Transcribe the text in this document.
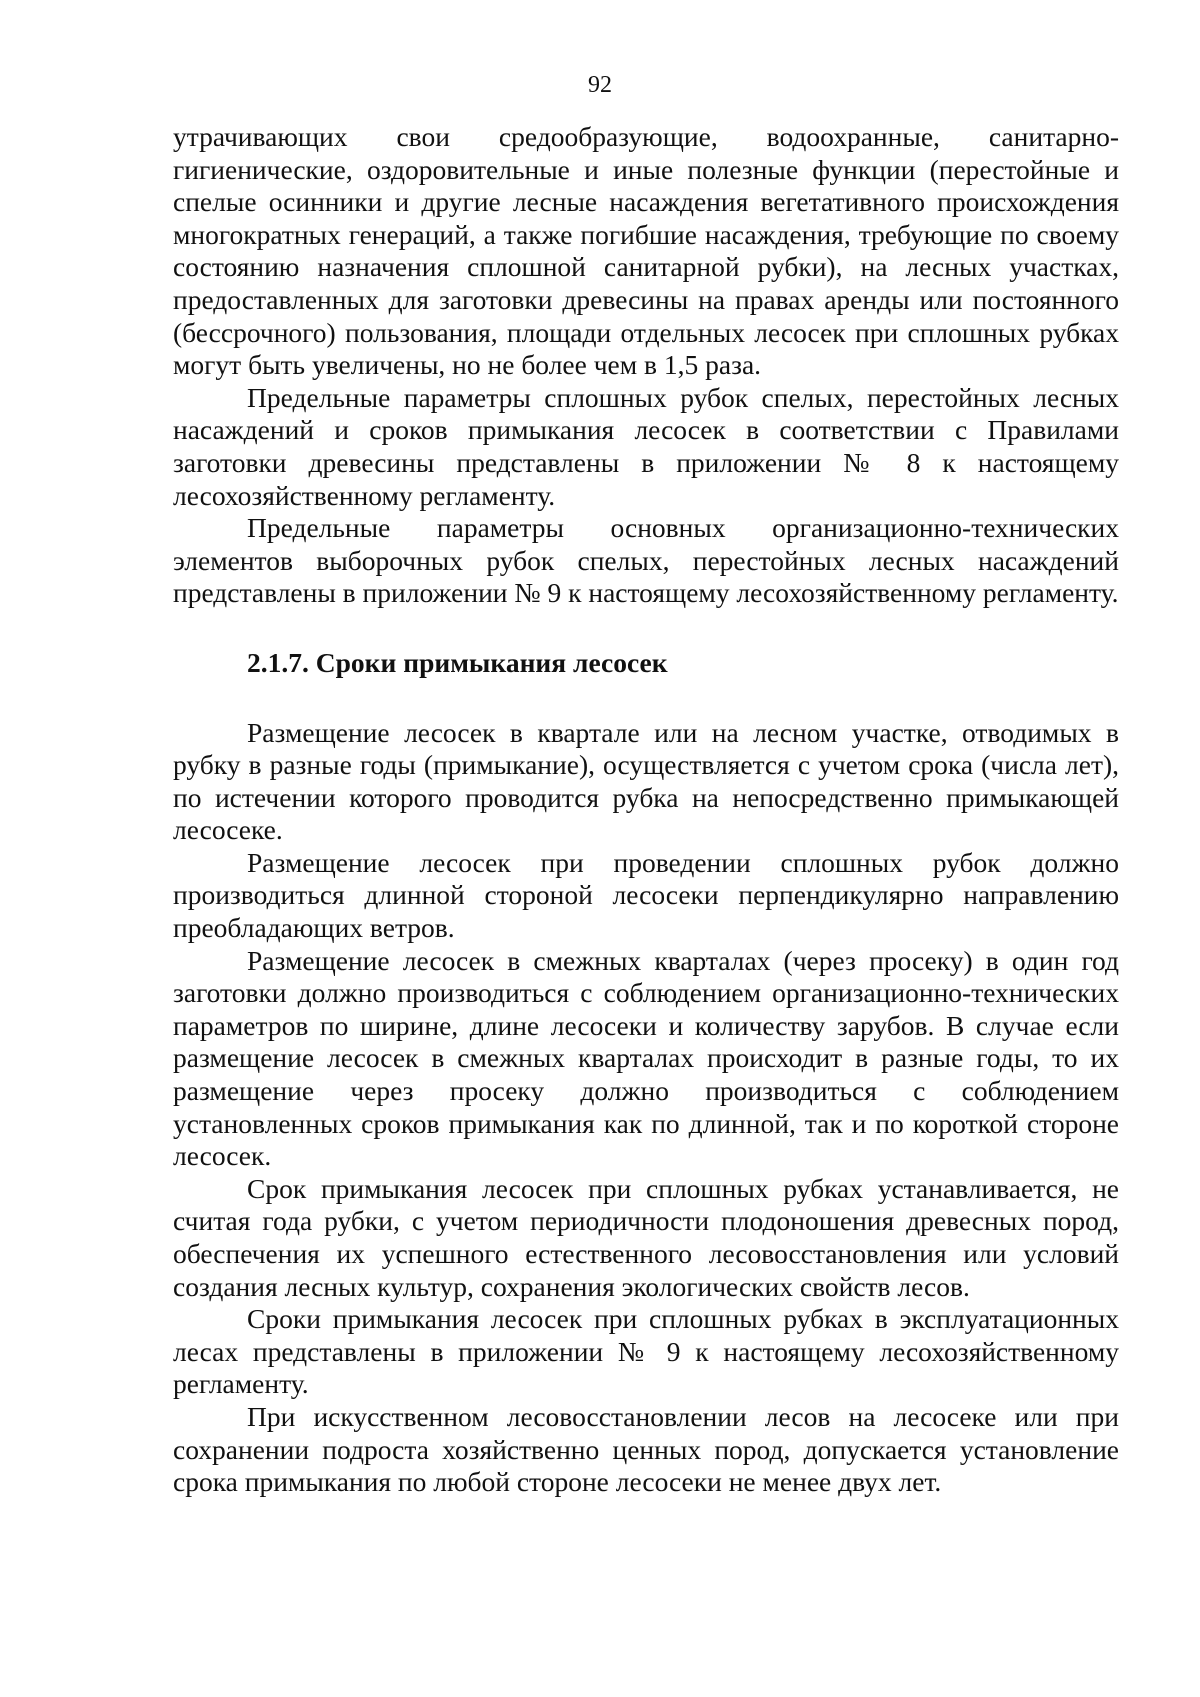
92

утрачивающих свои средообразующие, водоохранные, санитарно-гигиенические, оздоровительные и иные полезные функции (перестойные и спелые осинники и другие лесные насаждения вегетативного происхождения многократных генераций, а также погибшие насаждения, требующие по своему состоянию назначения сплошной санитарной рубки), на лесных участках, предоставленных для заготовки древесины на правах аренды или постоянного (бессрочного) пользования, площади отдельных лесосек при сплошных рубках могут быть увеличены, но не более чем в 1,5 раза.

Предельные параметры сплошных рубок спелых, перестойных лесных насаждений и сроков примыкания лесосек в соответствии с Правилами заготовки древесины представлены в приложении № 8 к настоящему лесохозяйственному регламенту.

Предельные параметры основных организационно-технических элементов выборочных рубок спелых, перестойных лесных насаждений представлены в приложении № 9 к настоящему лесохозяйственному регламенту.

2.1.7. Сроки примыкания лесосек

Размещение лесосек в квартале или на лесном участке, отводимых в рубку в разные годы (примыкание), осуществляется с учетом срока (числа лет), по истечении которого проводится рубка на непосредственно примыкающей лесосеке.

Размещение лесосек при проведении сплошных рубок должно производиться длинной стороной лесосеки перпендикулярно направлению преобладающих ветров.

Размещение лесосек в смежных кварталах (через просеку) в один год заготовки должно производиться с соблюдением организационно-технических параметров по ширине, длине лесосеки и количеству зарубов. В случае если размещение лесосек в смежных кварталах происходит в разные годы, то их размещение через просеку должно производиться с соблюдением установленных сроков примыкания как по длинной, так и по короткой стороне лесосек.

Срок примыкания лесосек при сплошных рубках устанавливается, не считая года рубки, с учетом периодичности плодоношения древесных пород, обеспечения их успешного естественного лесовосстановления или условий создания лесных культур, сохранения экологических свойств лесов.

Сроки примыкания лесосек при сплошных рубках в эксплуатационных лесах представлены в приложении № 9 к настоящему лесохозяйственному регламенту.

При искусственном лесовосстановлении лесов на лесосеке или при сохранении подроста хозяйственно ценных пород, допускается установление срока примыкания по любой стороне лесосеки не менее двух лет.
